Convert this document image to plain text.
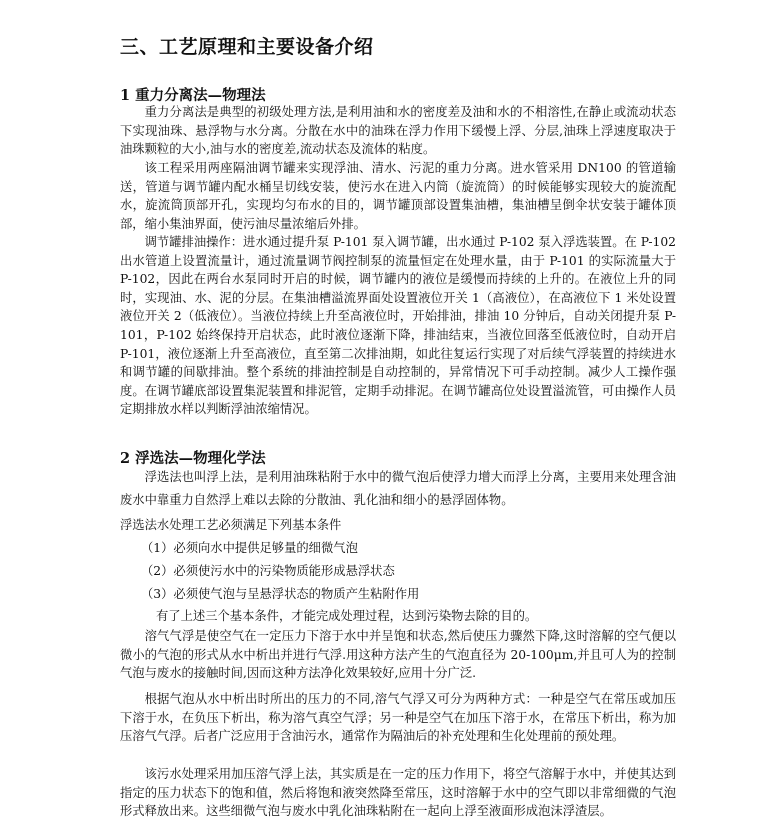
三、工艺原理和主要设备介绍
1 重力分离法—物理法
重力分离法是典型的初级处理方法,是利用油和水的密度差及油和水的不相溶性,在静止或流动状态下实现油珠、悬浮物与水分离。分散在水中的油珠在浮力作用下缓慢上浮、分层,油珠上浮速度取决于油珠颗粒的大小,油与水的密度差,流动状态及流体的粘度。
该工程采用两座隔油调节罐来实现浮油、清水、污泥的重力分离。进水管采用 DN100 的管道输送，管道与调节罐内配水桶呈切线安装，使污水在进入内筒（旋流筒）的时候能够实现较大的旋流配水，旋流筒顶部开孔，实现均匀布水的目的，调节罐顶部设置集油槽，集油槽呈倒伞状安装于罐体顶部，缩小集油界面，使污油尽量浓缩后外排。
调节罐排油操作：进水通过提升泵 P-101 泵入调节罐，出水通过 P-102 泵入浮选装置。在 P-102 出水管道上设置流量计，通过流量调节阀控制泵的流量恒定在处理水量，由于 P-101 的实际流量大于 P-102，因此在两台水泵同时开启的时候，调节罐内的液位是缓慢而持续的上升的。在液位上升的同时，实现油、水、泥的分层。在集油槽溢流界面处设置液位开关 1（高液位），在高液位下 1 米处设置液位开关 2（低液位）。当液位持续上升至高液位时，开始排油，排油 10 分钟后，自动关闭提升泵 P-101，P-102 始终保持开启状态，此时液位逐渐下降，排油结束，当液位回落至低液位时，自动开启 P-101，液位逐渐上升至高液位，直至第二次排油期，如此往复运行实现了对后续气浮装置的持续进水和调节罐的间歇排油。整个系统的排油控制是自动控制的，异常情况下可手动控制。减少人工操作强度。在调节罐底部设置集泥装置和排泥管，定期手动排泥。在调节罐高位处设置溢流管，可由操作人员定期排放水样以判断浮油浓缩情况。
2 浮选法—物理化学法
浮选法也叫浮上法，是利用油珠粘附于水中的微气泡后使浮力增大而浮上分离，主要用来处理含油废水中靠重力自然浮上难以去除的分散油、乳化油和细小的悬浮固体物。
浮选法水处理工艺必须满足下列基本条件
（1）必须向水中提供足够量的细微气泡
（2）必须使污水中的污染物质能形成悬浮状态
（3）必须使气泡与呈悬浮状态的物质产生粘附作用
有了上述三个基本条件，才能完成处理过程，达到污染物去除的目的。
溶气气浮是使空气在一定压力下溶于水中并呈饱和状态,然后使压力骤然下降,这时溶解的空气便以微小的气泡的形式从水中析出并进行气浮.用这种方法产生的气泡直径为 20-100μm,并且可人为的控制气泡与废水的接触时间,因而这种方法净化效果较好,应用十分广泛.
根据气泡从水中析出时所出的压力的不同,溶气气浮又可分为两种方式：一种是空气在常压或加压下溶于水，在负压下析出，称为溶气真空气浮；另一种是空气在加压下溶于水，在常压下析出，称为加压溶气气浮。后者广泛应用于含油污水，通常作为隔油后的补充处理和生化处理前的预处理。
该污水处理采用加压溶气浮上法，其实质是在一定的压力作用下，将空气溶解于水中，并使其达到指定的压力状态下的饱和值，然后将饱和液突然降至常压，这时溶解于水中的空气即以非常细微的气泡形式释放出来。这些细微气泡与废水中乳化油珠粘附在一起向上浮至液面形成泡沫浮渣层。
